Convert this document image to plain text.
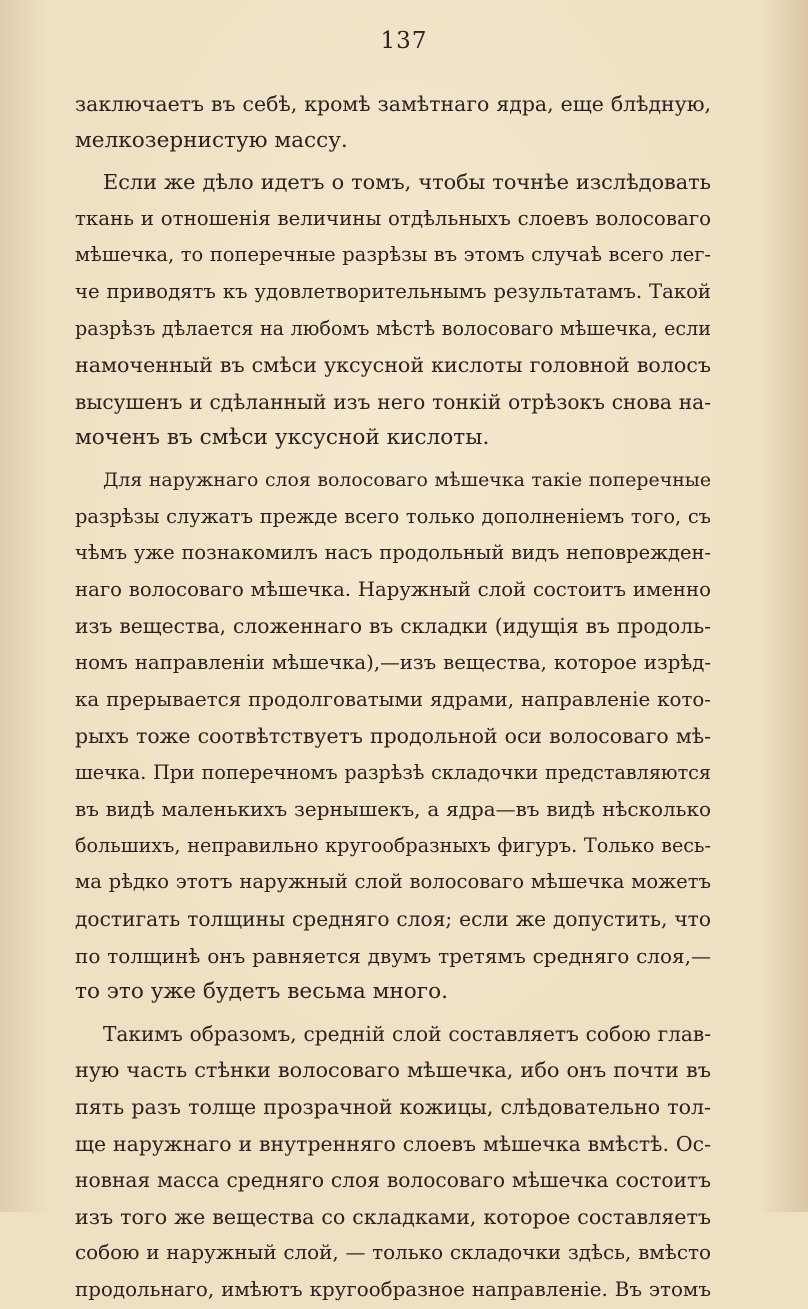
137
заключаетъ въ себѣ, кромѣ замѣтнаго ядра, еще блѣдную,
мелкозернистую массу.
Если же дѣло идетъ о томъ, чтобы точнѣе изслѣдовать
ткань и отношенія величины отдѣльныхъ слоевъ волосоваго
мѣшечка, то поперечные разрѣзы въ этомъ случаѣ всего лег-
че приводятъ къ удовлетворительнымъ результатамъ. Такой
разрѣзъ дѣлается на любомъ мѣстѣ волосоваго мѣшечка, если
намоченный въ смѣси уксусной кислоты головной волосъ
высушенъ и сдѣланный изъ него тонкій отрѣзокъ снова на-
моченъ въ смѣси уксусной кислоты.
Для наружнаго слоя волосоваго мѣшечка такіе поперечные
разрѣзы служатъ прежде всего только дополненіемъ того, съ
чѣмъ уже познакомилъ насъ продольный видъ неповрежден-
наго волосоваго мѣшечка. Наружный слой состоитъ именно
изъ вещества, сложеннаго въ складки (идущія въ продоль-
номъ направленіи мѣшечка),—изъ вещества, которое изрѣд-
ка прерывается продолговатыми ядрами, направленіе кото-
рыхъ тоже соотвѣтствуетъ продольной оси волосоваго мѣ-
шечка. При поперечномъ разрѣзѣ складочки представляются
въ видѣ маленькихъ зернышекъ, а ядра—въ видѣ нѣсколько
большихъ, неправильно кругообразныхъ фигуръ. Только весь-
ма рѣдко этотъ наружный слой волосоваго мѣшечка можетъ
достигать толщины средняго слоя; если же допустить, что
по толщинѣ онъ равняется двумъ третямъ средняго слоя,—
то это уже будетъ весьма много.
Такимъ образомъ, средній слой составляетъ собою глав-
ную часть стѣнки волосоваго мѣшечка, ибо онъ почти въ
пять разъ толще прозрачной кожицы, слѣдовательно тол-
ще наружнаго и внутренняго слоевъ мѣшечка вмѣстѣ. Ос-
новная масса средняго слоя волосоваго мѣшечка состоитъ
изъ того же вещества со складками, которое составляетъ
собою и наружный слой, — только складочки здѣсь, вмѣсто
продольнаго, имѣютъ кругообразное направленіе. Въ этомъ
